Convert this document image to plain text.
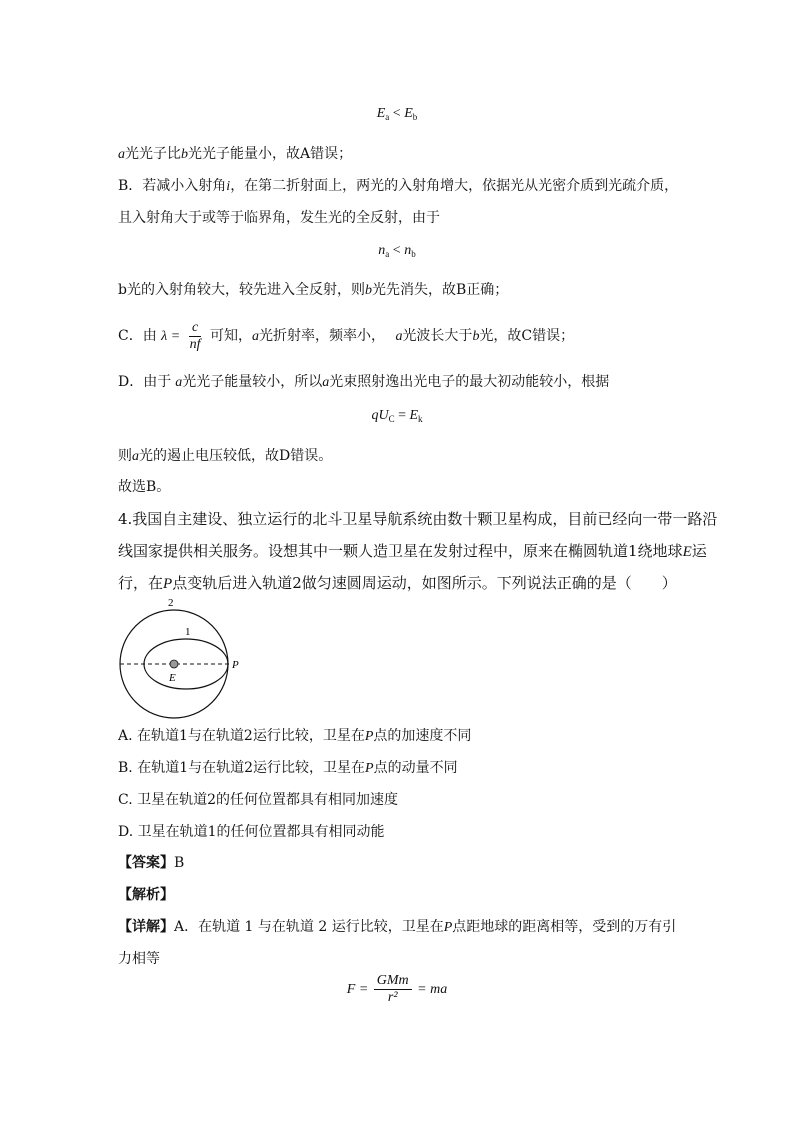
$E_a < E_b$
a光光子比b光光子能量小，故A错误；
B．若减小入射角i，在第二折射面上，两光的入射角增大，依据光从光密介质到光疏介质，
且入射角大于或等于临界角，发生光的全反射，由于
$n_a < n_b$
b光的入射角较大，较先进入全反射，则b光先消失，故B正确；
C．由 $\lambda = \frac{c}{nf}$ 可知，a光折射率，频率小， a光波长大于b光，故C错误；
D．由于 a光光子能量较小，所以a光束照射逸出光电子的最大初动能较小，根据
$qU_C = E_k$
则a光的遏止电压较低，故D错误。
故选B。
4.我国自主建设、独立运行的北斗卫星导航系统由数十颗卫星构成，目前已经向一带一路沿
线国家提供相关服务。设想其中一颗人造卫星在发射过程中，原来在椭圆轨道1绕地球E运
行，在P点变轨后进入轨道2做匀速圆周运动，如图所示。下列说法正确的是（　　）
2
1
P
E
A. 在轨道1与在轨道2运行比较，卫星在P点的加速度不同
B. 在轨道1与在轨道2运行比较，卫星在P点的动量不同
C. 卫星在轨道2的任何位置都具有相同加速度
D. 卫星在轨道1的任何位置都具有相同动能
【答案】B
【解析】
【详解】A．在轨道 1 与在轨道 2 运行比较，卫星在P点距地球的距离相等，受到的万有引
力相等
$F = \frac{\text{GMm}}{\text{r²}}$ = ma
